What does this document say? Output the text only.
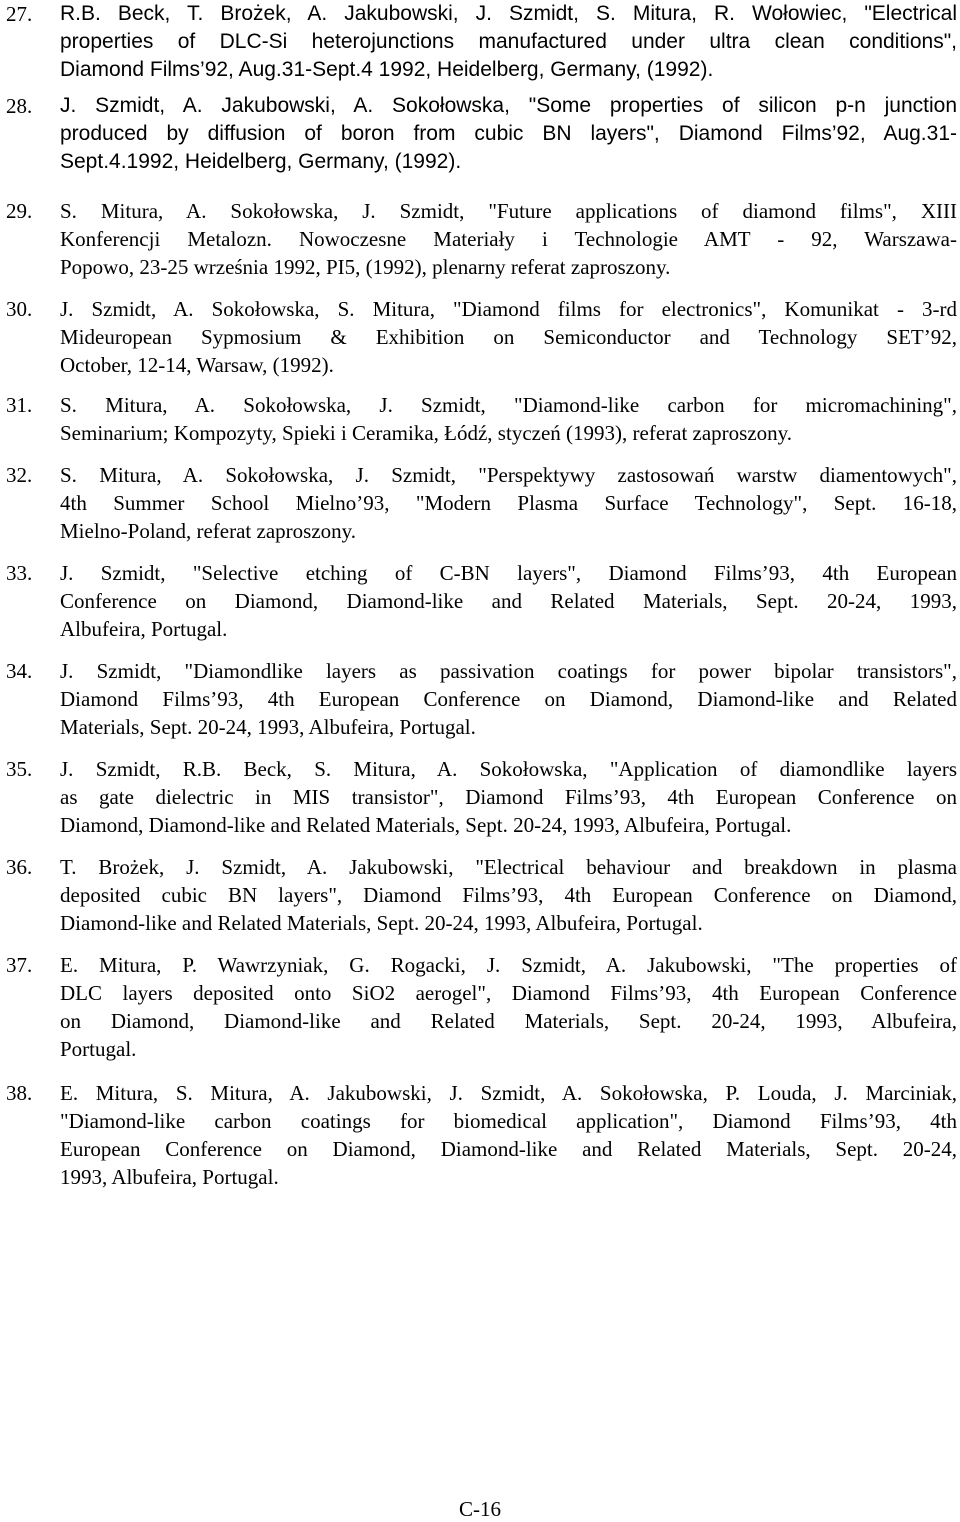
27. R.B. Beck, T. Brożek, A. Jakubowski, J. Szmidt, S. Mitura, R. Wołowiec, "Electrical
properties of DLC-Si heterojunctions manufactured under ultra clean conditions",
Diamond Films’92, Aug.31-Sept.4 1992, Heidelberg, Germany, (1992).
28. J. Szmidt, A. Jakubowski, A. Sokołowska, "Some properties of silicon p-n junction
produced by diffusion of boron from cubic BN layers", Diamond Films’92, Aug.31-
Sept.4.1992, Heidelberg, Germany, (1992).
29. S. Mitura, A. Sokołowska, J. Szmidt, "Future applications of diamond films", XIII
Konferencji Metalozn. Nowoczesne Materiały i Technologie AMT - 92, Warszawa-
Popowo, 23-25 września 1992, PI5, (1992), plenarny referat zaproszony.
30. J. Szmidt, A. Sokołowska, S. Mitura, "Diamond films for electronics", Komunikat - 3-rd
Mideuropean Sypmosium & Exhibition on Semiconductor and Technology SET’92,
October, 12-14, Warsaw, (1992).
31. S. Mitura, A. Sokołowska, J. Szmidt, "Diamond-like carbon for micromachining",
Seminarium; Kompozyty, Spieki i Ceramika, Łódź, styczeń (1993), referat zaproszony.
32. S. Mitura, A. Sokołowska, J. Szmidt, "Perspektywy zastosowań warstw diamentowych",
4th Summer School Mielno’93, "Modern Plasma Surface Technology", Sept. 16-18,
Mielno-Poland, referat zaproszony.
33. J. Szmidt, "Selective etching of C-BN layers", Diamond Films’93, 4th European
Conference on Diamond, Diamond-like and Related Materials, Sept. 20-24, 1993,
Albufeira, Portugal.
34. J. Szmidt, "Diamondlike layers as passivation coatings for power bipolar transistors",
Diamond Films’93, 4th European Conference on Diamond, Diamond-like and Related
Materials, Sept. 20-24, 1993, Albufeira, Portugal.
35. J. Szmidt, R.B. Beck, S. Mitura, A. Sokołowska, "Application of diamondlike layers
as gate dielectric in MIS transistor", Diamond Films’93, 4th European Conference on
Diamond, Diamond-like and Related Materials, Sept. 20-24, 1993, Albufeira, Portugal.
36. T. Brożek, J. Szmidt, A. Jakubowski, "Electrical behaviour and breakdown in plasma
deposited cubic BN layers", Diamond Films’93, 4th European Conference on Diamond,
Diamond-like and Related Materials, Sept. 20-24, 1993, Albufeira, Portugal.
37. E. Mitura, P. Wawrzyniak, G. Rogacki, J. Szmidt, A. Jakubowski, "The properties of
DLC layers deposited onto SiO2 aerogel", Diamond Films’93, 4th European Conference
on Diamond, Diamond-like and Related Materials, Sept. 20-24, 1993, Albufeira,
Portugal.
38. E. Mitura, S. Mitura, A. Jakubowski, J. Szmidt, A. Sokołowska, P. Louda, J. Marciniak,
"Diamond-like carbon coatings for biomedical application", Diamond Films’93, 4th
European Conference on Diamond, Diamond-like and Related Materials, Sept. 20-24,
1993, Albufeira, Portugal.
C-16
